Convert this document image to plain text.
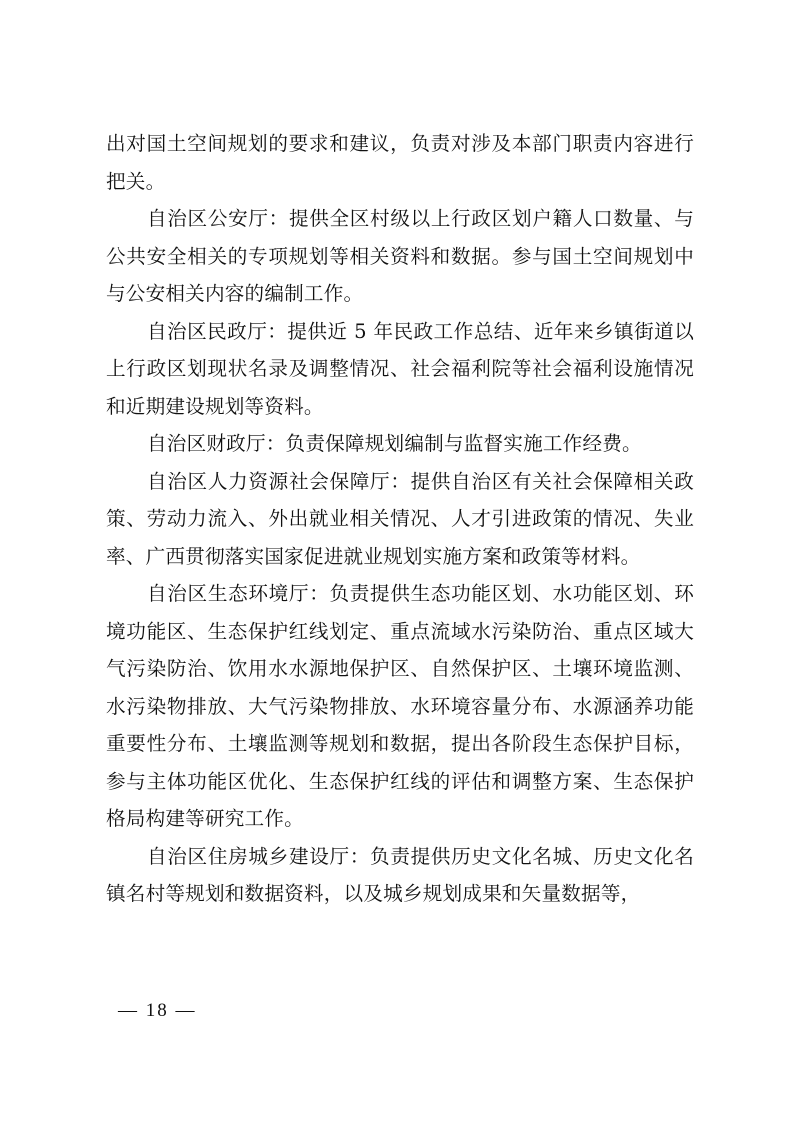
出对国土空间规划的要求和建议，负责对涉及本部门职责内容进行把关。

自治区公安厅：提供全区村级以上行政区划户籍人口数量、与公共安全相关的专项规划等相关资料和数据。参与国土空间规划中与公安相关内容的编制工作。

自治区民政厅：提供近 5 年民政工作总结、近年来乡镇街道以上行政区划现状名录及调整情况、社会福利院等社会福利设施情况和近期建设规划等资料。

自治区财政厅：负责保障规划编制与监督实施工作经费。

自治区人力资源社会保障厅：提供自治区有关社会保障相关政策、劳动力流入、外出就业相关情况、人才引进政策的情况、失业率、广西贯彻落实国家促进就业规划实施方案和政策等材料。

自治区生态环境厅：负责提供生态功能区划、水功能区划、环境功能区、生态保护红线划定、重点流域水污染防治、重点区域大气污染防治、饮用水水源地保护区、自然保护区、土壤环境监测、水污染物排放、大气污染物排放、水环境容量分布、水源涵养功能重要性分布、土壤监测等规划和数据，提出各阶段生态保护目标，参与主体功能区优化、生态保护红线的评估和调整方案、生态保护格局构建等研究工作。

自治区住房城乡建设厅：负责提供历史文化名城、历史文化名镇名村等规划和数据资料，以及城乡规划成果和矢量数据等，

— 18 —
